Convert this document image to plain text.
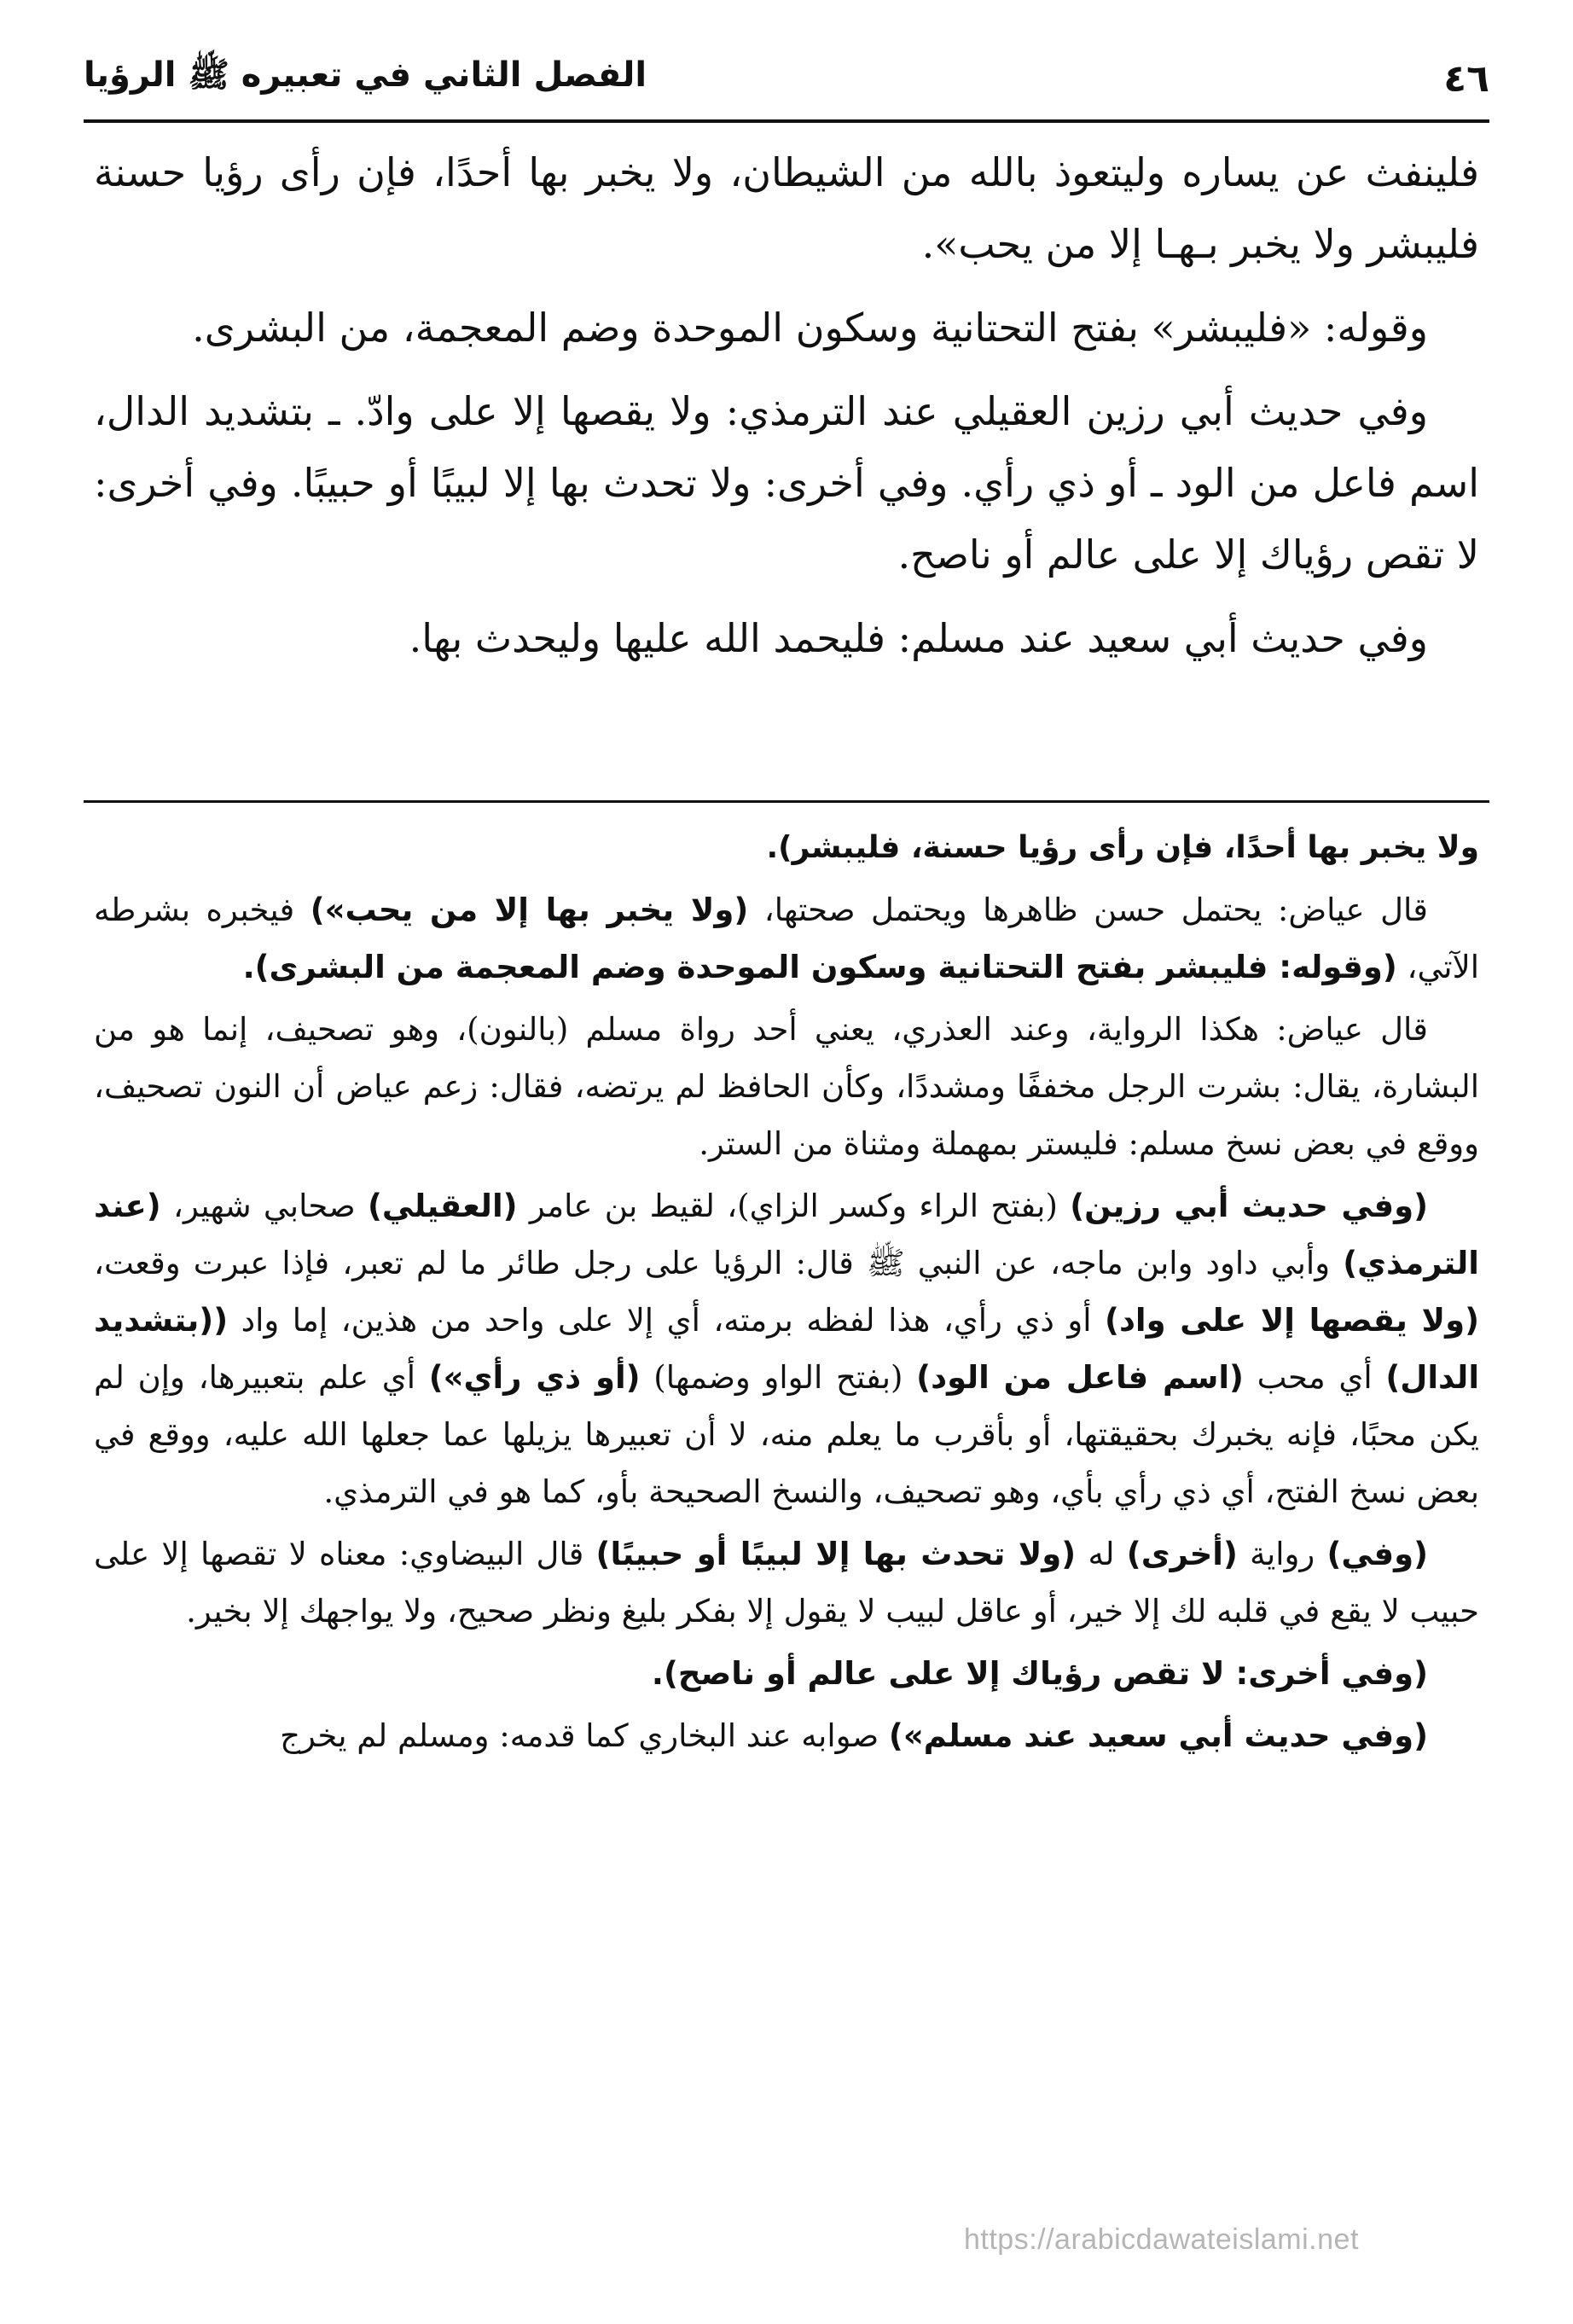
٤٦
الفصل الثاني في تعبيره ﷺ الرؤيا

فلينفث عن يساره وليتعوذ بالله من الشيطان، ولا يخبر بها أحدًا، فإن رأى رؤيا حسنة فليبشر ولا يخبر بـهـا إلا من يحب».

وقوله: «فليبشر» بفتح التحتانية وسكون الموحدة وضم المعجمة، من البشرى.

وفي حديث أبي رزين العقيلي عند الترمذي: ولا يقصها إلا على وادّ. ـ بتشديد الدال، اسم فاعل من الود ـ أو ذي رأي. وفي أخرى: ولا تحدث بها إلا لبيبًا أو حبيبًا. وفي أخرى: لا تقص رؤياك إلا على عالم أو ناصح.

وفي حديث أبي سعيد عند مسلم: فليحمد الله عليها وليحدث بها.

ولا يخبر بها أحدًا، فإن رأى رؤيا حسنة، فليبشر).

قال عياض: يحتمل حسن ظاهرها ويحتمل صحتها، (ولا يخبر بها إلا من يحب») فيخبره بشرطه الآتي، (وقوله: فليبشر بفتح التحتانية وسكون الموحدة وضم المعجمة من البشرى).

قال عياض: هكذا الرواية، وعند العذري، يعني أحد رواة مسلم (بالنون)، وهو تصحيف، إنما هو من البشارة، يقال: بشرت الرجل مخففًا ومشددًا، وكأن الحافظ لم يرتضه، فقال: زعم عياض أن النون تصحيف، ووقع في بعض نسخ مسلم: فليستر بمهملة ومثناة من الستر.

(وفي حديث أبي رزين) (بفتح الراء وكسر الزاي)، لقيط بن عامر (العقيلي) صحابي شهير، (عند الترمذي) وأبي داود وابن ماجه، عن النبي ﷺ قال: الرؤيا على رجل طائر ما لم تعبر، فإذا عبرت وقعت، (ولا يقصها إلا على واد) أو ذي رأي، هذا لفظه برمته، أي إلا على واحد من هذين، إما واد ((بتشديد الدال) أي محب (اسم فاعل من الود) (بفتح الواو وضمها) (أو ذي رأي») أي علم بتعبيرها، وإن لم يكن محبًا، فإنه يخبرك بحقيقتها، أو بأقرب ما يعلم منه، لا أن تعبيرها يزيلها عما جعلها الله عليه، ووقع في بعض نسخ الفتح، أي ذي رأي بأي، وهو تصحيف، والنسخ الصحيحة بأو، كما هو في الترمذي.

(وفي) رواية (أخرى) له (ولا تحدث بها إلا لبيبًا أو حبيبًا) قال البيضاوي: معناه لا تقصها إلا على حبيب لا يقع في قلبه لك إلا خير، أو عاقل لبيب لا يقول إلا بفكر بليغ ونظر صحيح، ولا يواجهك إلا بخير.

(وفي أخرى: لا تقص رؤياك إلا على عالم أو ناصح).

(وفي حديث أبي سعيد عند مسلم») صوابه عند البخاري كما قدمه: ومسلم لم يخرج

https://arabicdawateislami.net
